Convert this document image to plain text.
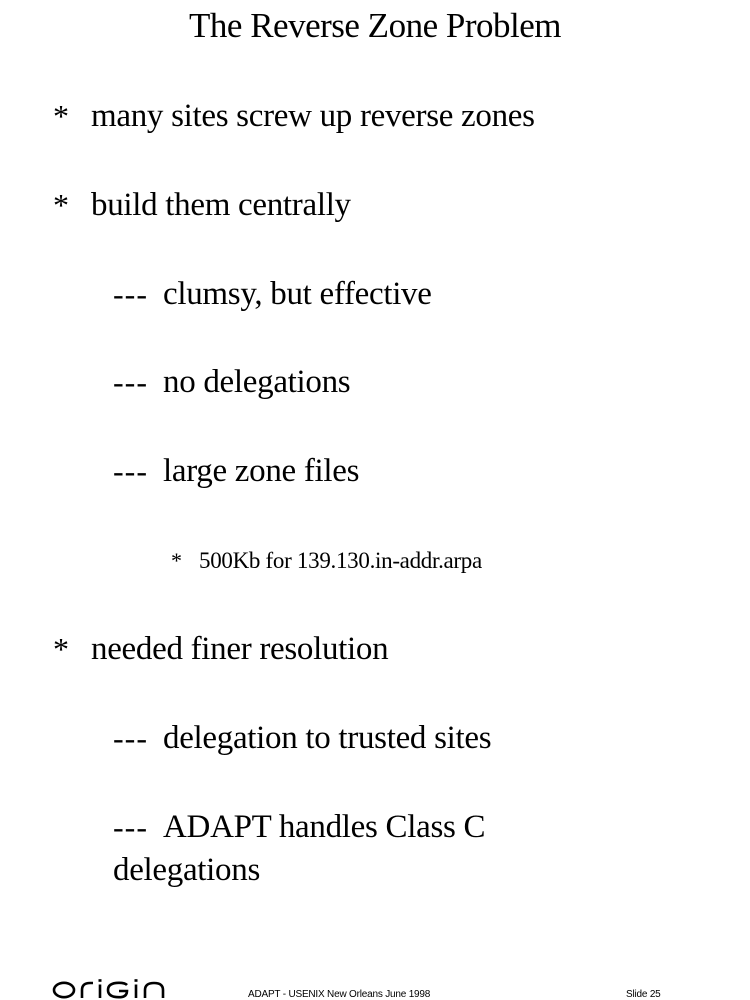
The Reverse Zone Problem
* many sites screw up reverse zones
* build them centrally
--- clumsy, but effective
--- no delegations
--- large zone files
* 500Kb for 139.130.in-addr.arpa
* needed finer resolution
--- delegation to trusted sites
--- ADAPT handles Class C
delegations
ADAPT - USENIX New Orleans June 1998	Slide 25
